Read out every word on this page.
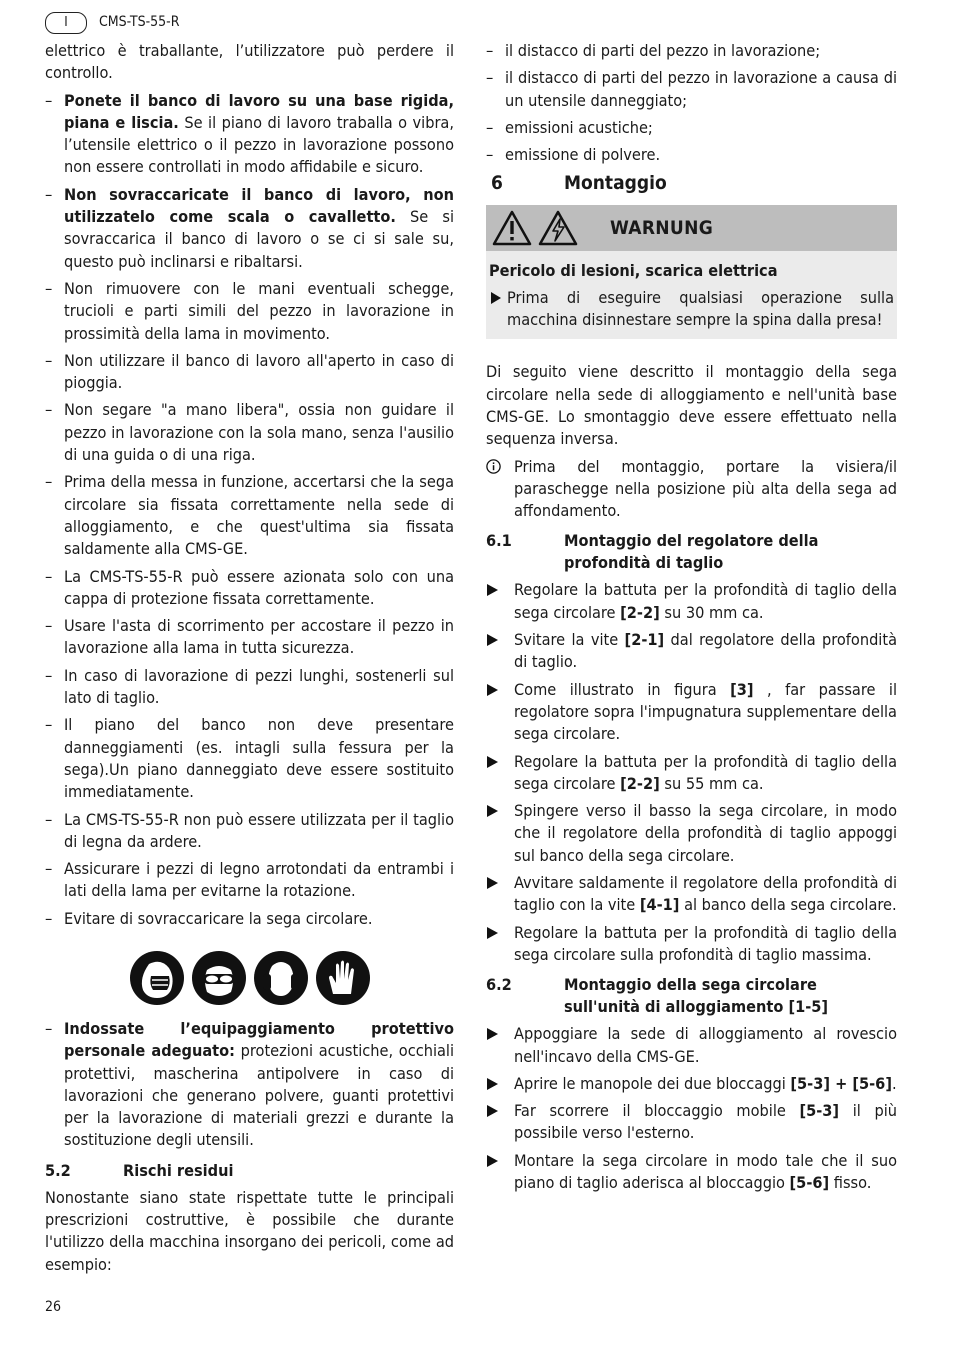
I	CMS-TS-55-R

elettrico è traballante, l’utilizzatore può perdere il controllo.

– Ponete il banco di lavoro su una base rigida, piana e liscia. Se il piano di lavoro traballa o vibra, l’utensile elettrico o il pezzo in lavorazione possono non essere controllati in modo affidabile e sicuro.
– Non sovraccaricate il banco di lavoro, non utilizzatelo come scala o cavalletto. Se si sovraccarica il banco di lavoro o se ci si sale su, questo può inclinarsi e ribaltarsi.
– Non rimuovere con le mani eventuali schegge, trucioli e parti simili del pezzo in lavorazione in prossimità della lama in movimento.
– Non utilizzare il banco di lavoro all'aperto in caso di pioggia.
– Non segare "a mano libera", ossia non guidare il pezzo in lavorazione con la sola mano, senza l'ausilio di una guida o di una riga.
– Prima della messa in funzione, accertarsi che la sega circolare sia fissata correttamente nella sede di alloggiamento, e che quest'ultima sia fissata saldamente alla CMS-GE.
– La CMS-TS-55-R può essere azionata solo con una cappa di protezione fissata correttamente.
– Usare l'asta di scorrimento per accostare il pezzo in lavorazione alla lama in tutta sicurezza.
– In caso di lavorazione di pezzi lunghi, sostenerli sul lato di taglio.
– Il piano del banco non deve presentare danneggiamenti (es. intagli sulla fessura per la sega).Un piano danneggiato deve essere sostituito immediatamente.
– La CMS-TS-55-R non può essere utilizzata per il taglio di legna da ardere.
– Assicurare i pezzi di legno arrotondati da entrambi i lati della lama per evitarne la rotazione.
– Evitare di sovraccaricare la sega circolare.
– Indossate l’equipaggiamento protettivo personale adeguato: protezioni acustiche, occhiali protettivi, mascherina antipolvere in caso di lavorazioni che generano polvere, guanti protettivi per la lavorazione di materiali grezzi e durante la sostituzione degli utensili.
5.2	Rischi residui

Nonostante siano state rispettate tutte le principali prescrizioni costruttive, è possibile che durante l'utilizzo della macchina insorgano dei pericoli, come ad esempio:

– il distacco di parti del pezzo in lavorazione;
– il distacco di parti del pezzo in lavorazione a causa di un utensile danneggiato;
– emissioni acustiche;
– emissione di polvere.
6	Montaggio
WARNUNG
Pericolo di lesioni, scarica elettrica
Prima di eseguire qualsiasi operazione sulla macchina disinnestare sempre la spina dalla presa!

Di seguito viene descritto il montaggio della sega circolare nella sede di alloggiamento e nell'unità base CMS-GE. Lo smontaggio deve essere effettuato nella sequenza inversa.

Prima del montaggio, portare la visiera/il paraschegge nella posizione più alta della sega ad affondamento.
6.1	Montaggio del regolatore della profondità di taglio
Regolare la battuta per la profondità di taglio della sega circolare [2-2] su 30 mm ca.
Svitare la vite [2-1] dal regolatore della profondità di taglio.
Come illustrato in figura [3] , far passare il regolatore sopra l'impugnatura supplementare della sega circolare.
Regolare la battuta per la profondità di taglio della sega circolare [2-2] su 55 mm ca.
Spingere verso il basso la sega circolare, in modo che il regolatore della profondità di taglio appoggi sul banco della sega circolare.
Avvitare saldamente il regolatore della profondità di taglio con la vite [4-1] al banco della sega circolare.
Regolare la battuta per la profondità di taglio della sega circolare sulla profondità di taglio massima.
6.2	Montaggio della sega circolare sull'unità di alloggiamento [1-5]
Appoggiare la sede di alloggiamento al rovescio nell'incavo della CMS-GE.
Aprire le manopole dei due bloccaggi [5-3] + [5-6].
Far scorrere il bloccaggio mobile [5-3] il più possibile verso l'esterno.
Montare la sega circolare in modo tale che il suo piano di taglio aderisca al bloccaggio [5-6] fisso.
26
